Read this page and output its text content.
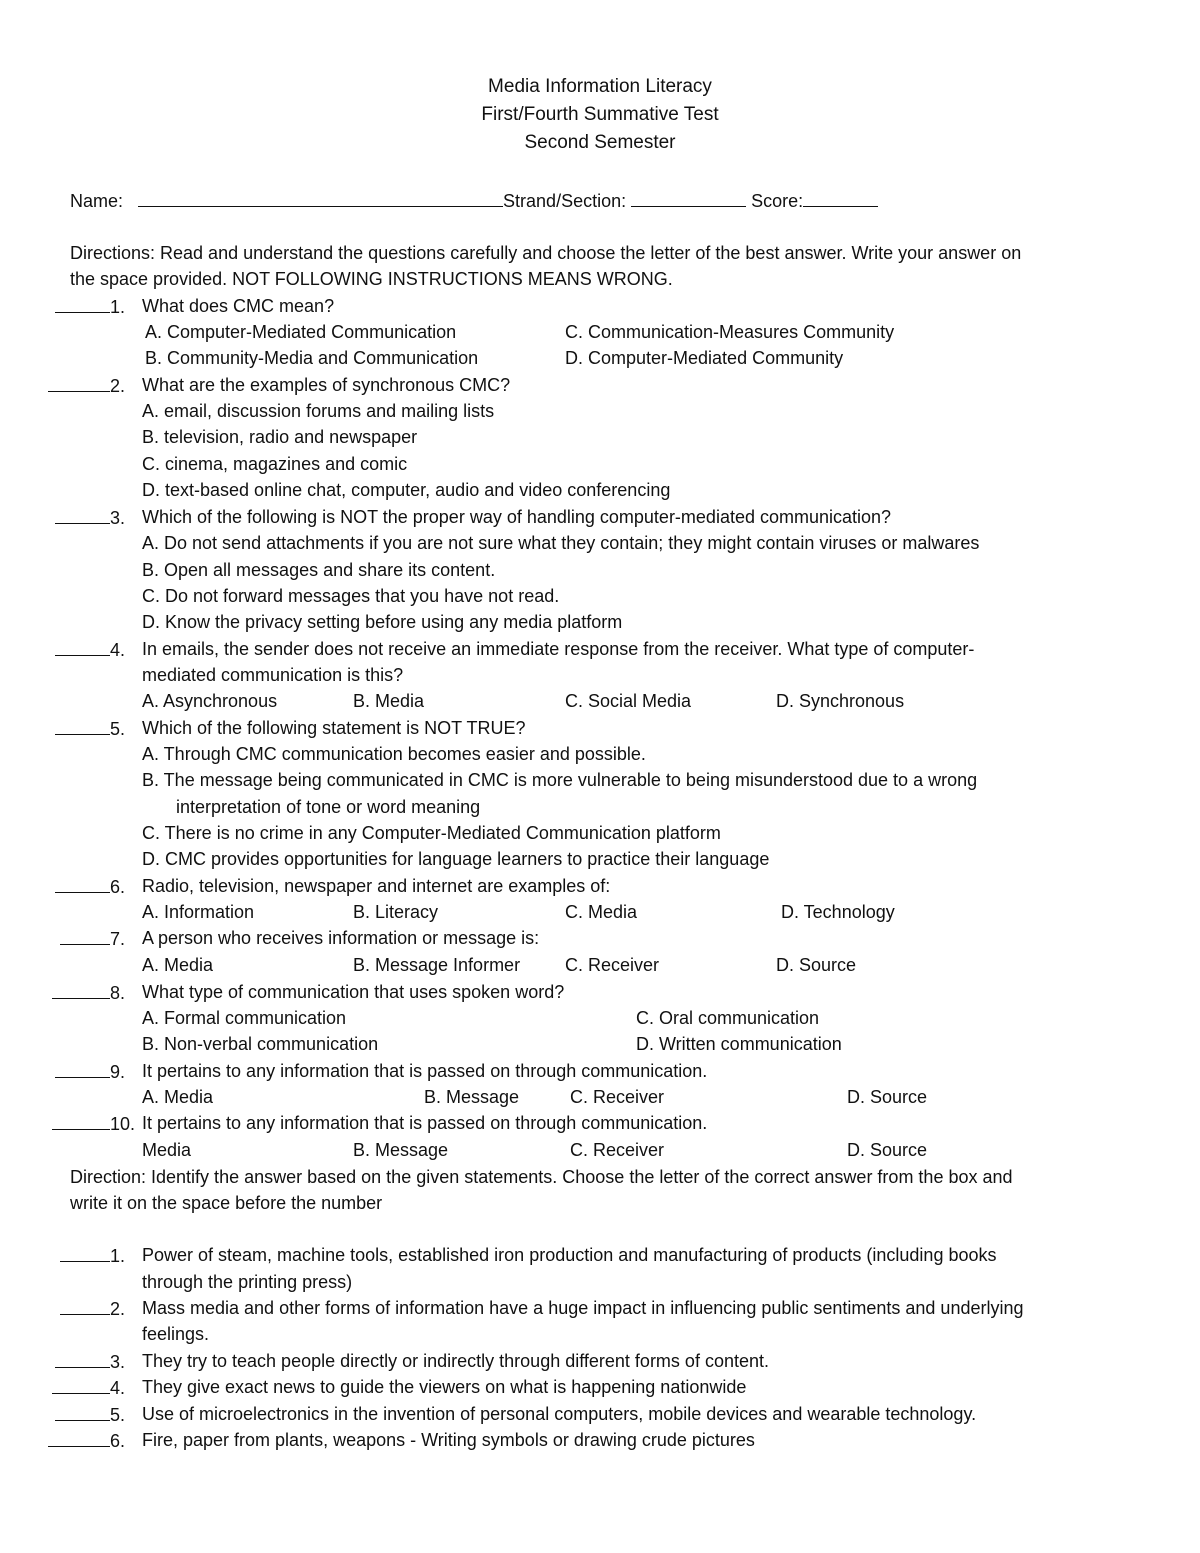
Media Information Literacy
First/Fourth Summative Test
Second Semester
Name:	Strand/Section:	Score:
Directions: Read and understand the questions carefully and choose the letter of the best answer. Write your answer on
the space provided. NOT FOLLOWING INSTRUCTIONS MEANS WRONG.
1. What does CMC mean?
A. Computer-Mediated Communication	C. Communication-Measures Community
B. Community-Media and Communication	D. Computer-Mediated Community
2. What are the examples of synchronous CMC?
A. email, discussion forums and mailing lists
B. television, radio and newspaper
C. cinema, magazines and comic
D. text-based online chat, computer, audio and video conferencing
3. Which of the following is NOT the proper way of handling computer-mediated communication?
A. Do not send attachments if you are not sure what they contain; they might contain viruses or malwares
B. Open all messages and share its content.
C. Do not forward messages that you have not read.
D. Know the privacy setting before using any media platform
4. In emails, the sender does not receive an immediate response from the receiver. What type of computer-
mediated communication is this?
A. Asynchronous	B. Media	C. Social Media	D. Synchronous
5. Which of the following statement is NOT TRUE?
A. Through CMC communication becomes easier and possible.
B. The message being communicated in CMC is more vulnerable to being misunderstood due to a wrong
interpretation of tone or word meaning
C. There is no crime in any Computer-Mediated Communication platform
D. CMC provides opportunities for language learners to practice their language
6. Radio, television, newspaper and internet are examples of:
A. Information	B. Literacy	C. Media	D. Technology
7. A person who receives information or message is:
A. Media	B. Message Informer C. Receiver	D. Source
8. What type of communication that uses spoken word?
A. Formal communication	C. Oral communication
B. Non-verbal communication	D. Written communication
9. It pertains to any information that is passed on through communication.
A. Media	B. Message	C. Receiver	D. Source
10. It pertains to any information that is passed on through communication.
Media	B. Message	C. Receiver	D. Source
Direction: Identify the answer based on the given statements. Choose the letter of the correct answer from the box and
write it on the space before the number
1. Power of steam, machine tools, established iron production and manufacturing of products (including books
through the printing press)
2. Mass media and other forms of information have a huge impact in influencing public sentiments and underlying
feelings.
3. They try to teach people directly or indirectly through different forms of content.
4. They give exact news to guide the viewers on what is happening nationwide
5. Use of microelectronics in the invention of personal computers, mobile devices and wearable technology.
6. Fire, paper from plants, weapons - Writing symbols or drawing crude pictures
